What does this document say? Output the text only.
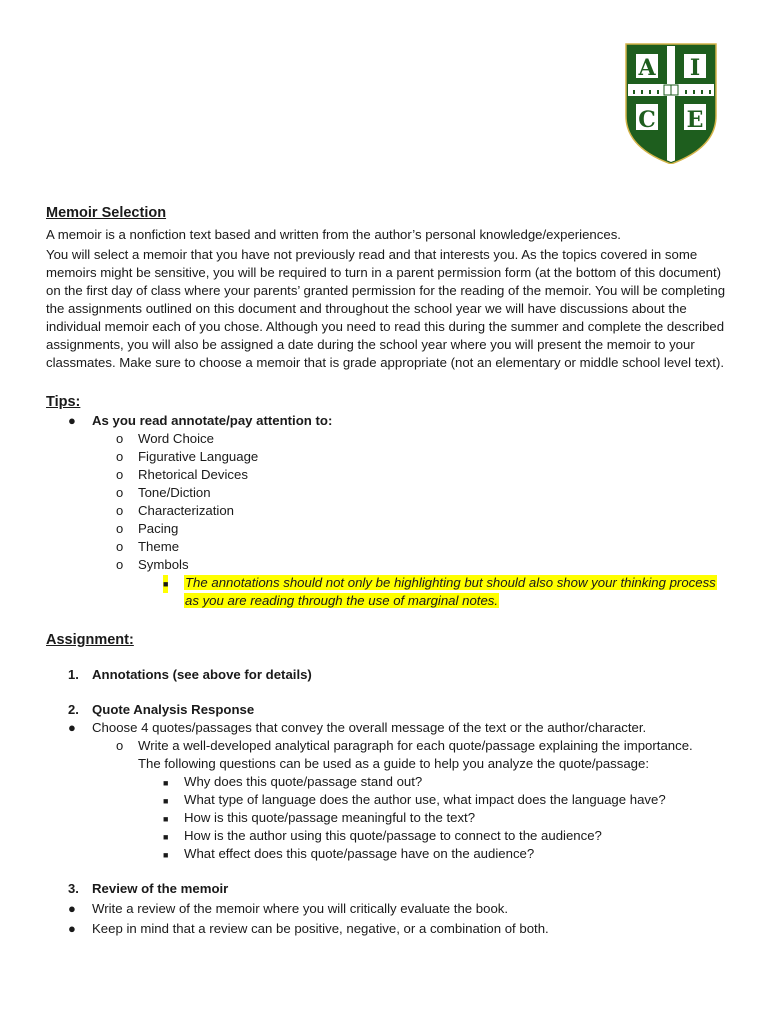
A I
C E
Memoir Selection

A memoir is a nonfiction text based and written from the author’s personal knowledge/experiences.

You will select a memoir that you have not previously read and that interests you. As the topics covered in some memoirs might be sensitive, you will be required to turn in a parent permission form (at the bottom of this document) on the first day of class where your parents’ granted permission for the reading of the memoir. You will be completing the assignments outlined on this document and throughout the school year we will have discussions about the individual memoir each of you chose. Although you need to read this during the summer and complete the described assignments, you will also be assigned a date during the school year where you will present the memoir to your classmates. Make sure to choose a memoir that is grade appropriate (not an elementary or middle school level text).

Tips:
● As you read annotate/pay attention to:
o Word Choice
o Figurative Language
o Rhetorical Devices
o Tone/Diction
o Characterization
o Pacing
o Theme
o Symbols
■ The annotations should not only be highlighting but should also show your thinking process as you are reading through the use of marginal notes.
Assignment:
1. Annotations (see above for details)
2. Quote Analysis Response
● Choose 4 quotes/passages that convey the overall message of the text or the author/character.
o Write a well-developed analytical paragraph for each quote/passage explaining the importance. The following questions can be used as a guide to help you analyze the quote/passage:
■ Why does this quote/passage stand out?
■ What type of language does the author use, what impact does the language have?
■ How is this quote/passage meaningful to the text?
■ How is the author using this quote/passage to connect to the audience?
■ What effect does this quote/passage have on the audience?
3. Review of the memoir
● Write a review of the memoir where you will critically evaluate the book.
● Keep in mind that a review can be positive, negative, or a combination of both.
